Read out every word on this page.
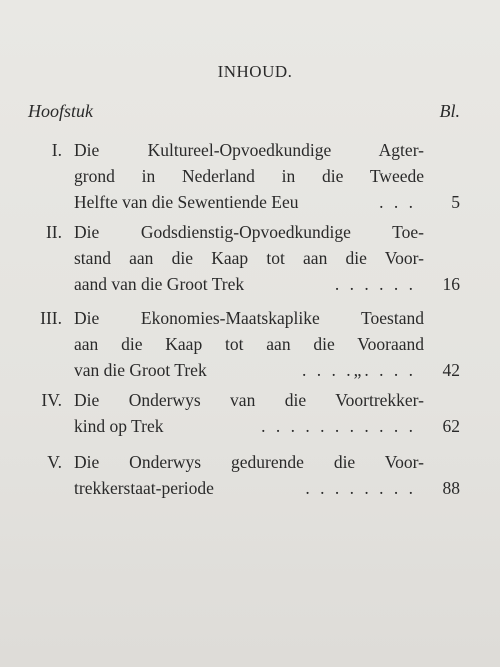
INHOUD.
Hoofstuk	Bl.
I. Die Kultureel-Opvoedkundige Agter-
grond in Nederland in die Tweede
Helfte van die Sewentiende Eeu	. . .	5
II. Die Godsdienstig-Opvoedkundige Toe-
stand aan die Kaap tot aan die Voor-
aand van die Groot Trek	. . . . . .	16
III. Die Ekonomies-Maatskaplike Toestand
aan die Kaap tot aan die Vooraand
van die Groot Trek	. . . .„. . . .	42
IV. Die Onderwys van die Voortrekker-
kind op Trek	. . . . . . . . . . .	62
V. Die Onderwys gedurende die Voor-
trekkerstaat-periode	. . . . . . . .	88
